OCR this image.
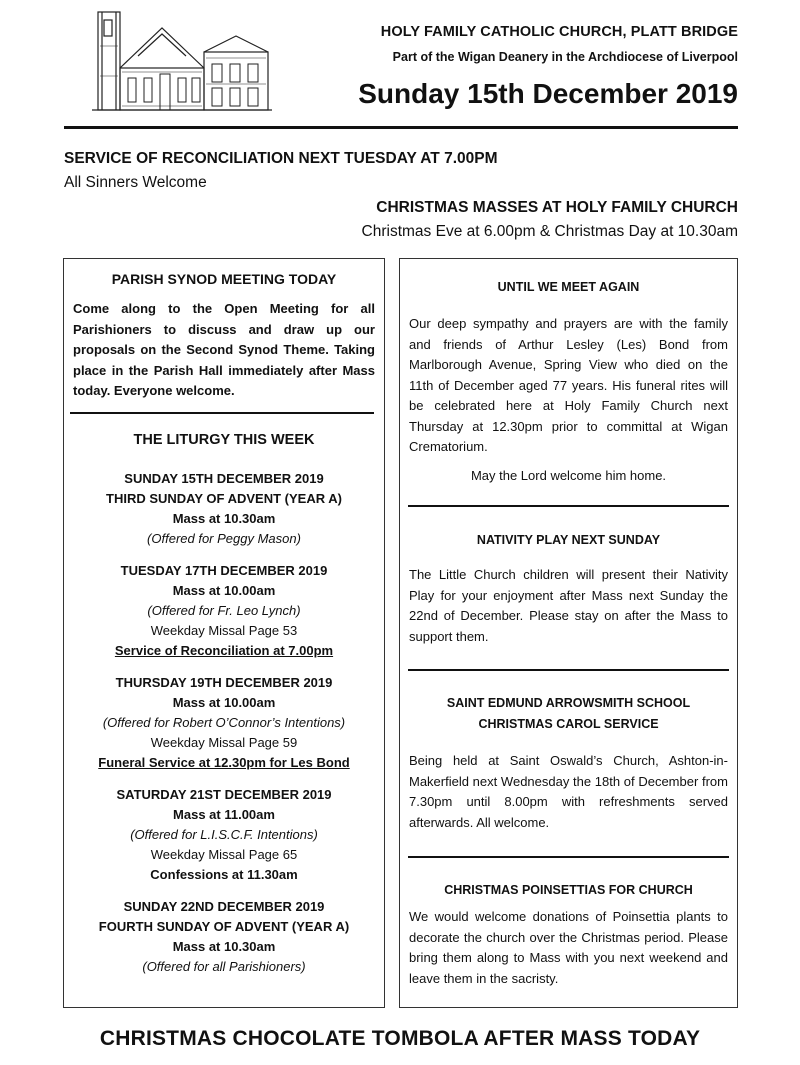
HOLY FAMILY CATHOLIC CHURCH, PLATT BRIDGE
Part of the Wigan Deanery in the Archdiocese of Liverpool
Sunday 15th December 2019
SERVICE OF RECONCILIATION NEXT TUESDAY AT 7.00PM
All Sinners Welcome
CHRISTMAS MASSES AT HOLY FAMILY CHURCH
Christmas Eve at 6.00pm & Christmas Day at 10.30am
PARISH SYNOD MEETING TODAY
Come along to the Open Meeting for all Parishioners to discuss and draw up our proposals on the Second Synod Theme. Taking place in the Parish Hall immediately after Mass today. Everyone welcome.
THE LITURGY THIS WEEK
SUNDAY 15TH DECEMBER 2019
THIRD SUNDAY OF ADVENT (YEAR A)
Mass at 10.30am
(Offered for Peggy Mason)
TUESDAY 17TH DECEMBER 2019
Mass at 10.00am
(Offered for Fr. Leo Lynch)
Weekday Missal Page 53
Service of Reconciliation at 7.00pm
THURSDAY 19TH DECEMBER 2019
Mass at 10.00am
(Offered for Robert O’Connor’s Intentions)
Weekday Missal Page 59
Funeral Service at 12.30pm for Les Bond
SATURDAY 21ST DECEMBER 2019
Mass at 11.00am
(Offered for L.I.S.C.F. Intentions)
Weekday Missal Page 65
Confessions at 11.30am
SUNDAY 22ND DECEMBER 2019
FOURTH SUNDAY OF ADVENT (YEAR A)
Mass at 10.30am
(Offered for all Parishioners)
UNTIL WE MEET AGAIN
Our deep sympathy and prayers are with the family and friends of Arthur Lesley (Les) Bond from Marlborough Avenue, Spring View who died on the 11th of December aged 77 years. His funeral rites will be celebrated here at Holy Family Church next Thursday at 12.30pm prior to committal at Wigan Crematorium.
May the Lord welcome him home.
NATIVITY PLAY NEXT SUNDAY
The Little Church children will present their Nativity Play for your enjoyment after Mass next Sunday the 22nd of December. Please stay on after the Mass to support them.
SAINT EDMUND ARROWSMITH SCHOOL
CHRISTMAS CAROL SERVICE
Being held at Saint Oswald’s Church, Ashton-in-Makerfield next Wednesday the 18th of December from 7.30pm until 8.00pm with refreshments served afterwards. All welcome.
CHRISTMAS POINSETTIAS FOR CHURCH
We would welcome donations of Poinsettia plants to decorate the church over the Christmas period. Please bring them along to Mass with you next weekend and leave them in the sacristy.
CHRISTMAS CHOCOLATE TOMBOLA AFTER MASS TODAY
